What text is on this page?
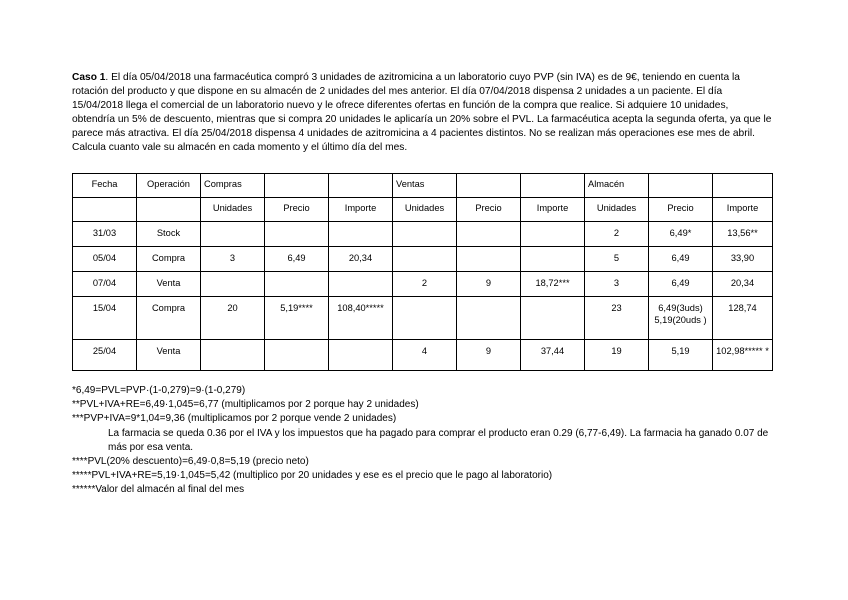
Caso 1. El día 05/04/2018 una farmacéutica compró 3 unidades de azitromicina a un laboratorio cuyo PVP (sin IVA) es de 9€, teniendo en cuenta la rotación del producto y que dispone en su almacén de 2 unidades del mes anterior. El día 07/04/2018 dispensa 2 unidades a un paciente. El día 15/04/2018 llega el comercial de un laboratorio nuevo y le ofrece diferentes ofertas en función de la compra que realice. Si adquiere 10 unidades, obtendría un 5% de descuento, mientras que si compra 20 unidades le aplicaría un 20% sobre el PVL. La farmacéutica acepta la segunda oferta, ya que le parece más atractiva. El día 25/04/2018 dispensa 4 unidades de azitromicina a 4 pacientes distintos. No se realizan más operaciones ese mes de abril. Calcula cuanto vale su almacén en cada momento y el último día del mes.
Fecha	Operación	Compras			Ventas			Almacén		
		Unidades	Precio	Importe	Unidades	Precio	Importe	Unidades	Precio	Importe
31/03	Stock							2	6,49*	13,56**
05/04	Compra	3	6,49	20,34				5	6,49	33,90
07/04	Venta				2	9	18,72***	3	6,49	20,34
15/04	Compra	20	5,19****	108,40*****				23	6,49(3uds) 5,19(20uds )	128,74
25/04	Venta				4	9	37,44	19	5,19	102,98***** *
*6,49=PVL=PVP·(1-0,279)=9·(1-0,279)
**PVL+IVA+RE=6,49·1,045=6,77 (multiplicamos por 2 porque hay 2 unidades)
***PVP+IVA=9*1,04=9,36 (multiplicamos por 2 porque vende 2 unidades)
La farmacia se queda 0.36 por el IVA y los impuestos que ha pagado para comprar el producto eran 0.29 (6,77-6,49). La farmacia ha ganado 0.07 de más por esa venta.
****PVL(20% descuento)=6,49·0,8=5,19 (precio neto)
*****PVL+IVA+RE=5,19·1,045=5,42 (multiplico por 20 unidades y ese es el precio que le pago al laboratorio)
******Valor del almacén al final del mes
